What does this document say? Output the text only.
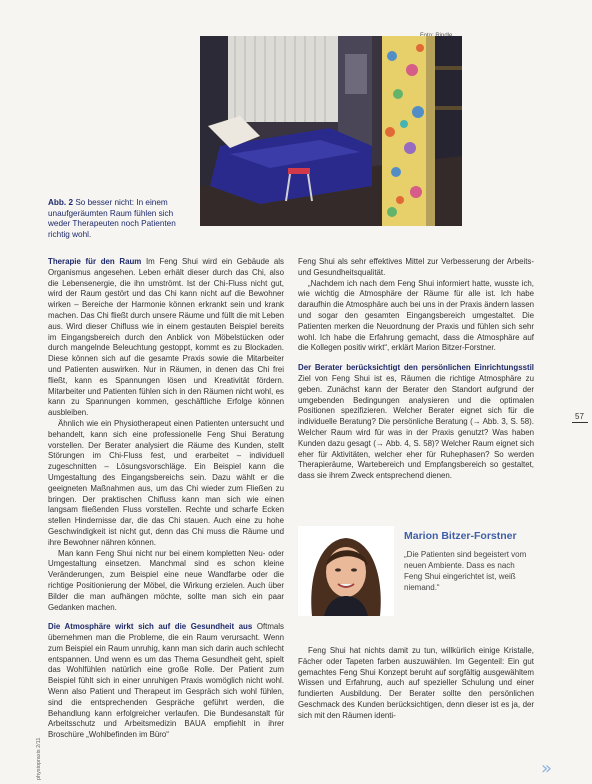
Abb. 2 So besser nicht: In einem unaufgeräumten Raum fühlen sich weder Therapeuten noch Patienten richtig wohl.
57

Therapie für den Raum Im Feng Shui wird ein Gebäude als Organismus angesehen. Leben erhält dieser durch das Chi, also die Lebensenergie, die ihn umströmt. Ist der Chi-Fluss nicht gut, wird der Raum gestört und das Chi kann nicht auf die Bewohner wirken – Bereiche der Harmonie können erkrankt sein und krank machen. Das Chi fließt durch unsere Räume und füllt die mit Leben aus. Wird dieser Chifluss wie in einem gestauten Beispiel bereits im Eingangsbereich durch den Anblick von Möbelstücken oder durch mangelnde Beleuchtung gestoppt, kommt es zu Blockaden. Diese können sich auf die gesamte Praxis sowie die Mitarbeiter und Patienten auswirken. Nur in Räumen, in denen das Chi frei fließt, kann es Spannungen lösen und Kreativität fördern. Mitarbeiter und Patienten fühlen sich in den Räumen nicht wohl, es kann zu Spannungen kommen, geschäftliche Erfolge können ausbleiben.

Ähnlich wie ein Physiotherapeut einen Patienten untersucht und behandelt, kann sich eine professionelle Feng Shui Beratung vorstellen. Der Berater analysiert die Räume des Kunden, stellt Störungen im Chi-Fluss fest, und erarbeitet – individuell zugeschnitten – Lösungsvorschläge. Ein Beispiel kann die Umgestaltung des Eingangsbereichs sein. Dazu wählt er die geeigneten Maßnahmen aus, um das Chi wieder zum Fließen zu bringen. Der praktischen Chifluss kann man sich wie einen langsam fließenden Fluss vorstellen. Rechte und scharfe Ecken stellen Hindernisse dar, die das Chi stauen. Auch eine zu hohe Geschwindigkeit ist nicht gut, denn das Chi muss die Räume und ihre Bewohner nähren können.

Man kann Feng Shui nicht nur bei einem kompletten Neu- oder Umgestaltung einsetzen. Manchmal sind es schon kleine Veränderungen, zum Beispiel eine neue Wandfarbe oder die richtige Positionierung der Möbel, die Wirkung erzielen. Auch über Bilder die man aufhängen möchte, sollte man sich ein paar Gedanken machen.

Die Atmosphäre wirkt sich auf die Gesundheit aus Oftmals übernehmen man die Probleme, die ein Raum verursacht. Wenn zum Beispiel ein Raum unruhig, kann man sich darin auch schlecht entspannen. Und wenn es um das Thema Gesundheit geht, spielt das Wohlfühlen natürlich eine große Rolle. Der Patient zum Beispiel fühlt sich in einer unruhigen Praxis womöglich nicht wohl. Wenn also Patient und Therapeut im Gespräch sich wohl fühlen, sind die entsprechenden Gespräche geführt werden, die Behandlung kann erfolgreicher verlaufen. Die Bundesanstalt für Arbeitsschutz und Arbeitsmedizin BAUA empfiehlt in ihrer Broschüre „Wohlbefinden im Büro“

Feng Shui als sehr effektives Mittel zur Verbesserung der Arbeits- und Gesundheitsqualität.

„Nachdem ich nach dem Feng Shui informiert hatte, wusste ich, wie wichtig die Atmosphäre der Räume für alle ist. Ich habe daraufhin die Atmosphäre auch bei uns in der Praxis ändern lassen und sogar den gesamten Eingangsbereich umgestaltet. Die Patienten merken die Neuordnung der Praxis und fühlen sich sehr wohl. Ich habe die Erfahrung gemacht, dass die Atmosphäre auf die Kollegen positiv wirkt“, erklärt Marion Bitzer-Forstner.

Der Berater berücksichtigt den persönlichen Einrichtungsstil Ziel von Feng Shui ist es, Räumen die richtige Atmosphäre zu geben. Zunächst kann der Berater den Standort aufgrund der umgebenden Bedingungen analysieren und die optimalen Positionen spezifizieren. Welcher Berater eignet sich für die individuelle Beratung? Die persönliche Beratung (→ Abb. 3, S. 58). Welcher Raum wird für was in der Praxis genutzt? Was haben Kunden dazu gesagt (→ Abb. 4, S. 58)? Welcher Raum eignet sich eher für Aktivitäten, welcher eher für Ruhephasen? So werden Therapieräume, Wartebereich und Empfangsbereich so gestaltet, dass sie ihrem Zweck entsprechend dienen.

Marion Bitzer-Forstner
„Die Patienten sind begeistert vom neuen Ambiente. Dass es nach Feng Shui eingerichtet ist, weiß niemand.“
Feng Shui hat nichts damit zu tun, willkürlich einige Kristalle, Fächer oder Tapeten farben auszuwählen. Im Gegenteil: Ein gut gemachtes Feng Shui Konzept beruht auf sorgfältig ausgewähltem Wissen und Erfahrung, auch auf spezieller Schulung und einer fundierten Ausbildung. Der Berater sollte den persönlichen Geschmack des Kunden berücksichtigen, denn dieser ist es ja, der sich mit den Räumen identi-
physiopraxis 2/11	»
